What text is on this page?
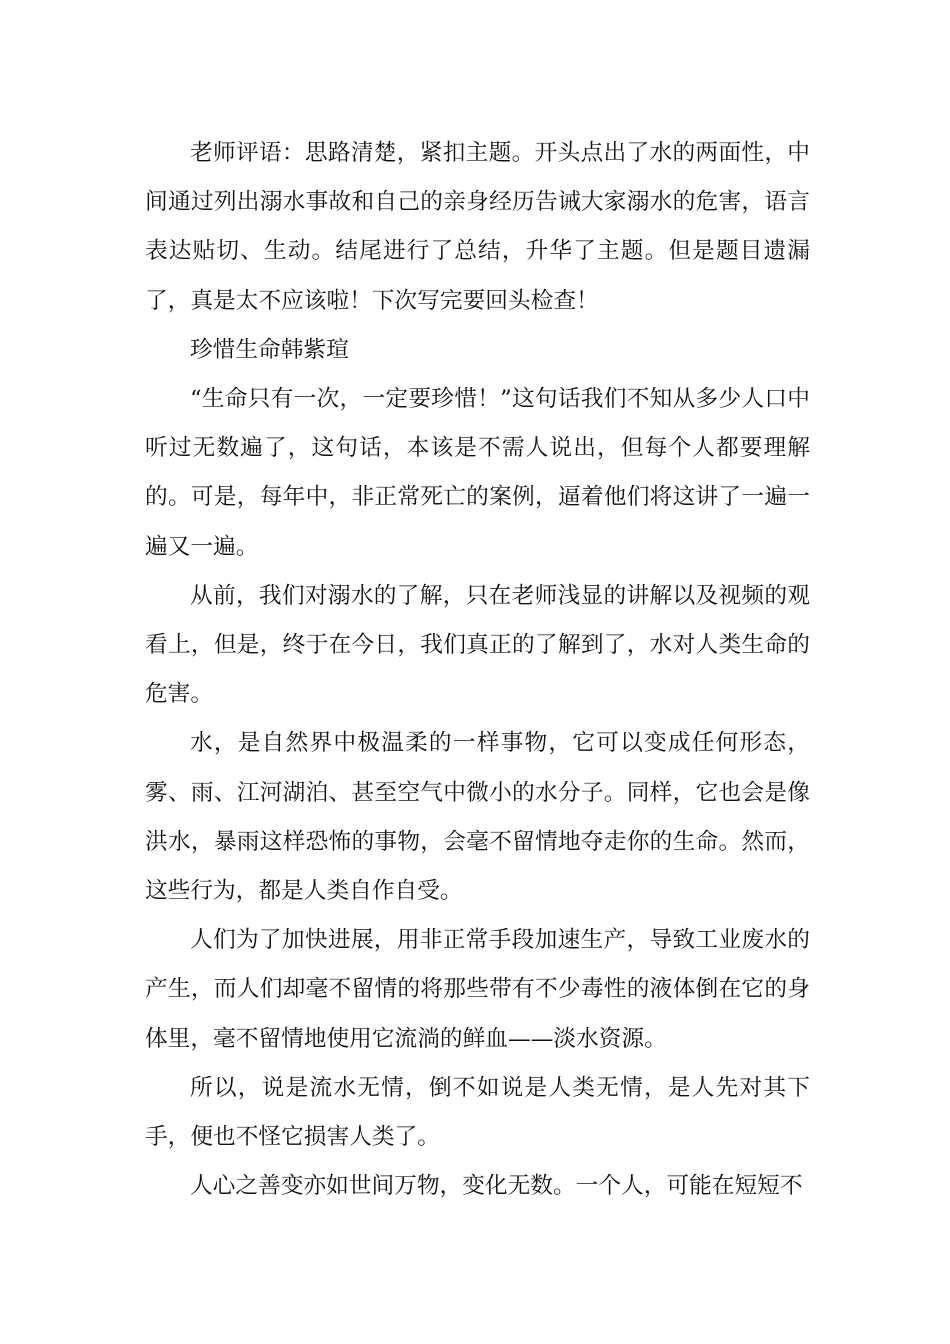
老师评语：思路清楚，紧扣主题。开头点出了水的两面性，中间通过列出溺水事故和自己的亲身经历告诫大家溺水的危害，语言表达贴切、生动。结尾进行了总结，升华了主题。但是题目遗漏了，真是太不应该啦！下次写完要回头检查！

珍惜生命韩紫瑄

“生命只有一次，一定要珍惜！”这句话我们不知从多少人口中听过无数遍了，这句话，本该是不需人说出，但每个人都要理解的。可是，每年中，非正常死亡的案例，逼着他们将这讲了一遍一遍又一遍。

从前，我们对溺水的了解，只在老师浅显的讲解以及视频的观看上，但是，终于在今日，我们真正的了解到了，水对人类生命的危害。

水，是自然界中极温柔的一样事物，它可以变成任何形态，雾、雨、江河湖泊、甚至空气中微小的水分子。同样，它也会是像洪水，暴雨这样恐怖的事物，会毫不留情地夺走你的生命。然而，这些行为，都是人类自作自受。

人们为了加快进展，用非正常手段加速生产，导致工业废水的产生，而人们却毫不留情的将那些带有不少毒性的液体倒在它的身体里，毫不留情地使用它流淌的鲜血——淡水资源。

所以，说是流水无情，倒不如说是人类无情，是人先对其下手，便也不怪它损害人类了。

人心之善变亦如世间万物，变化无数。一个人，可能在短短不
